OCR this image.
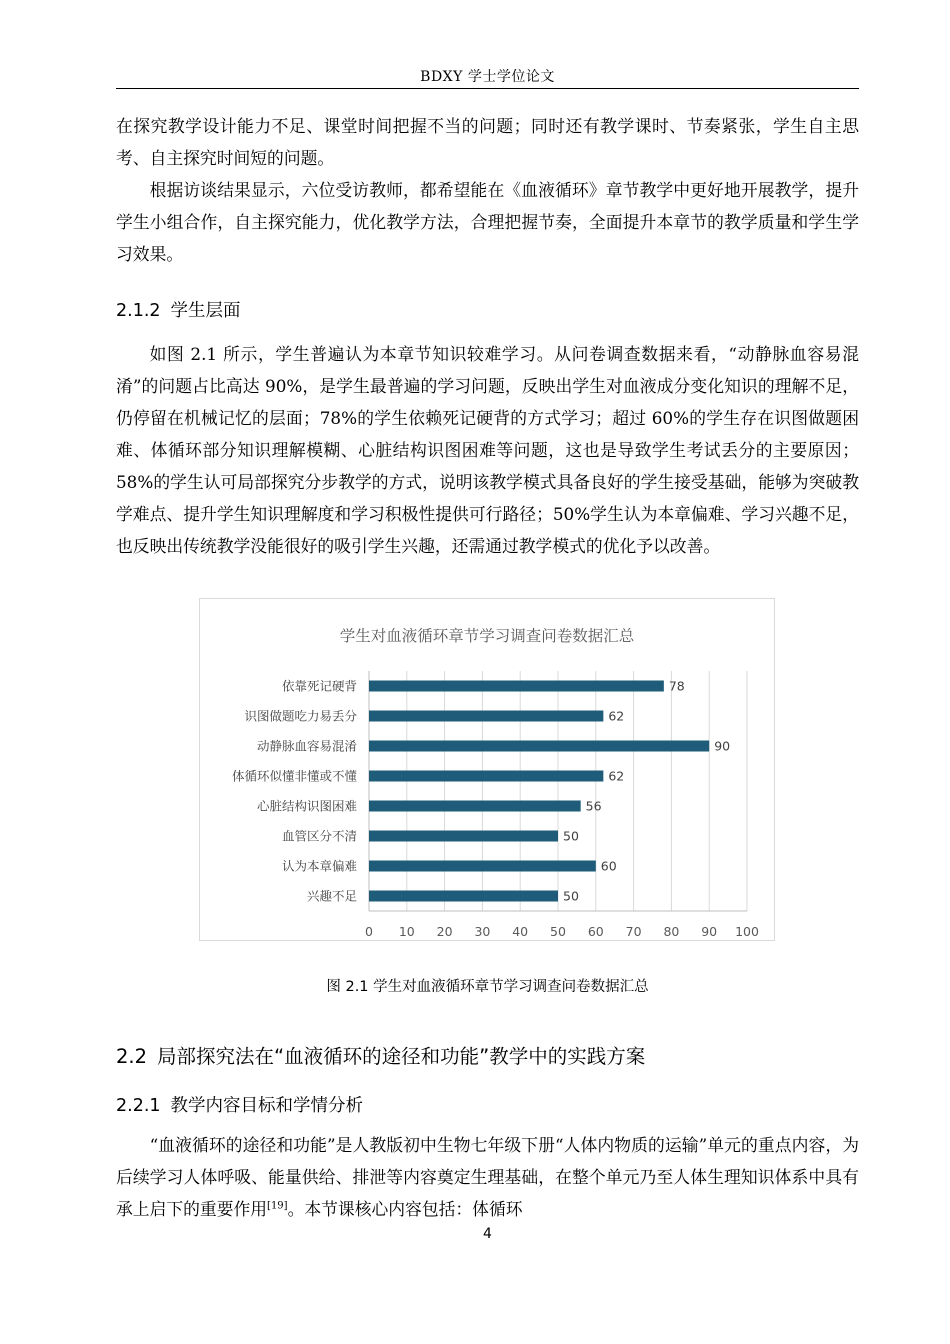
BDXY 学士学位论文

在探究教学设计能力不足、课堂时间把握不当的问题；同时还有教学课时、节奏紧张，学生自主思考、自主探究时间短的问题。

根据访谈结果显示，六位受访教师，都希望能在《血液循环》章节教学中更好地开展教学，提升学生小组合作，自主探究能力，优化教学方法，合理把握节奏，全面提升本章节的教学质量和学生学习效果。

2.1.2 学生层面

如图 2.1 所示，学生普遍认为本章节知识较难学习。从问卷调查数据来看，“动静脉血容易混淆”的问题占比高达 90%，是学生最普遍的学习问题，反映出学生对血液成分变化知识的理解不足，仍停留在机械记忆的层面；78%的学生依赖死记硬背的方式学习；超过 60%的学生存在识图做题困难、体循环部分知识理解模糊、心脏结构识图困难等问题，这也是导致学生考试丢分的主要原因；58%的学生认可局部探究分步教学的方式，说明该教学模式具备良好的学生接受基础，能够为突破教学难点、提升学生知识理解度和学习积极性提供可行路径；50%学生认为本章偏难、学习兴趣不足，也反映出传统教学没能很好的吸引学生兴趣，还需通过教学模式的优化予以改善。

学生对血液循环章节学习调查问卷数据汇总
0 10 20 30 40 50 60 70 80 90 100
依靠死记硬背	78
识图做题吃力易丢分	62
动静脉血容易混淆	90
体循环似懂非懂或不懂	62
心脏结构识图困难	56
血管区分不清	50
认为本章偏难	60
兴趣不足	50
图 2.1 学生对血液循环章节学习调查问卷数据汇总
2.2 局部探究法在“血液循环的途径和功能”教学中的实践方案
2.2.1 教学内容目标和学情分析

“血液循环的途径和功能”是人教版初中生物七年级下册“人体内物质的运输”单元的重点内容，为后续学习人体呼吸、能量供给、排泄等内容奠定生理基础，在整个单元乃至人体生理知识体系中具有承上启下的重要作用[19]。本节课核心内容包括：体循环

4
